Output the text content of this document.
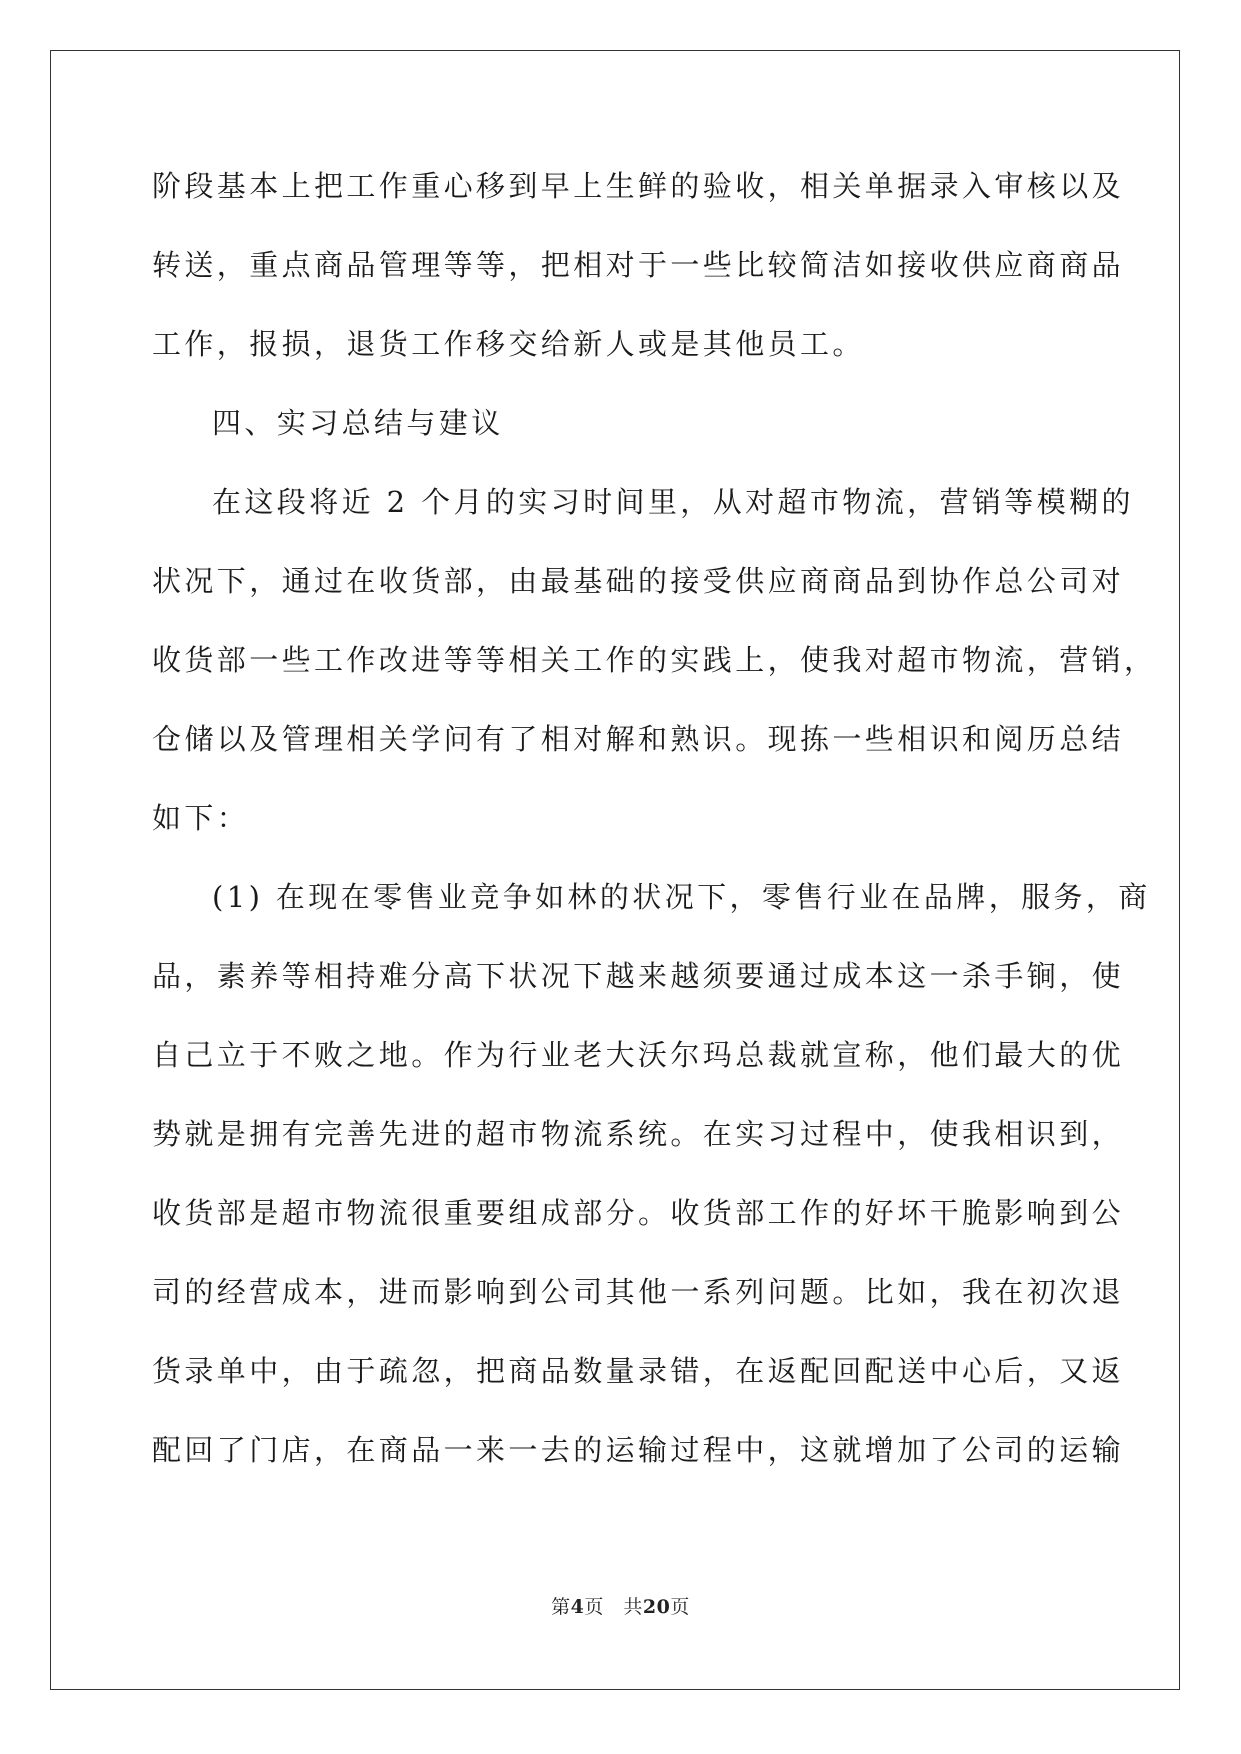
阶段基本上把工作重心移到早上生鲜的验收，相关单据录入审核以及
转送，重点商品管理等等，把相对于一些比较简洁如接收供应商商品
工作，报损，退货工作移交给新人或是其他员工。
四、实习总结与建议
在这段将近 2 个月的实习时间里，从对超市物流，营销等模糊的
状况下，通过在收货部，由最基础的接受供应商商品到协作总公司对
收货部一些工作改进等等相关工作的实践上，使我对超市物流，营销，
仓储以及管理相关学问有了相对解和熟识。现拣一些相识和阅历总结
如下：
(1) 在现在零售业竞争如林的状况下，零售行业在品牌，服务，商
品，素养等相持难分高下状况下越来越须要通过成本这一杀手锏，使
自己立于不败之地。作为行业老大沃尔玛总裁就宣称，他们最大的优
势就是拥有完善先进的超市物流系统。在实习过程中，使我相识到，
收货部是超市物流很重要组成部分。收货部工作的好坏干脆影响到公
司的经营成本，进而影响到公司其他一系列问题。比如，我在初次退
货录单中，由于疏忽，把商品数量录错，在返配回配送中心后，又返
配回了门店，在商品一来一去的运输过程中，这就增加了公司的运输
第4页　共20页
